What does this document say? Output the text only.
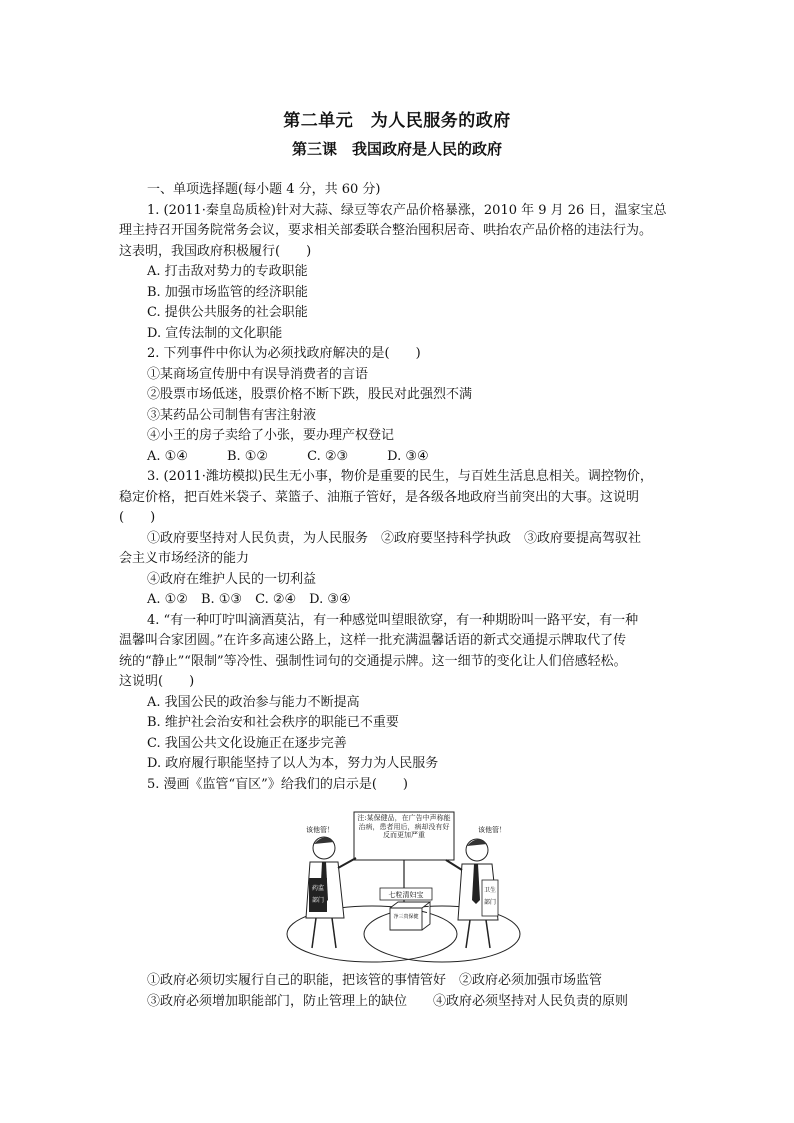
第二单元　为人民服务的政府
第三课　我国政府是人民的政府
一、单项选择题(每小题 4 分，共 60 分)
1. (2011·秦皇岛质检)针对大蒜、绿豆等农产品价格暴涨，2010 年 9 月 26 日，温家宝总
理主持召开国务院常务会议，要求相关部委联合整治囤积居奇、哄抬农产品价格的违法行为。
这表明，我国政府积极履行(　　)
A. 打击敌对势力的专政职能
B. 加强市场监管的经济职能
C. 提供公共服务的社会职能
D. 宣传法制的文化职能
2. 下列事件中你认为必须找政府解决的是(　　)
①某商场宣传册中有误导消费者的言语
②股票市场低迷，股票价格不断下跌，股民对此强烈不满
③某药品公司制售有害注射液
④小王的房子卖给了小张，要办理产权登记
A. ①④　　　B. ①②　　　C. ②③　　　D. ③④
3. (2011·潍坊模拟)民生无小事，物价是重要的民生，与百姓生活息息相关。调控物价，
稳定价格，把百姓米袋子、菜篮子、油瓶子管好，是各级各地政府当前突出的大事。这说明
(　　)
①政府要坚持对人民负责，为人民服务　②政府要坚持科学执政　③政府要提高驾驭社
会主义市场经济的能力
④政府在维护人民的一切利益
A. ①②　B. ①③　C. ②④　D. ③④
4. “有一种叮咛叫滴酒莫沾，有一种感觉叫望眼欲穿，有一种期盼叫一路平安，有一种
温馨叫合家团圆。”在许多高速公路上，这样一批充满温馨话语的新式交通提示牌取代了传
统的“静止”“限制”等冷性、强制性词句的交通提示牌。这一细节的变化让人们倍感轻松。
这说明(　　)
A. 我国公民的政治参与能力不断提高
B. 维护社会治安和社会秩序的职能已不重要
C. 我国公共文化设施正在逐步完善
D. 政府履行职能坚持了以人为本，努力为人民服务
5. 漫画《监管“盲区”》给我们的启示是(　　)
注:某保健品，在广告中声称能治病，患者用后，病却没有好反而更加严重
七粒清妇宝
净三贵保健
药监
部门
该他管！
卫生
部门
该他管！
①政府必须切实履行自己的职能，把该管的事情管好　②政府必须加强市场监管
③政府必须增加职能部门，防止管理上的缺位　　④政府必须坚持对人民负责的原则
